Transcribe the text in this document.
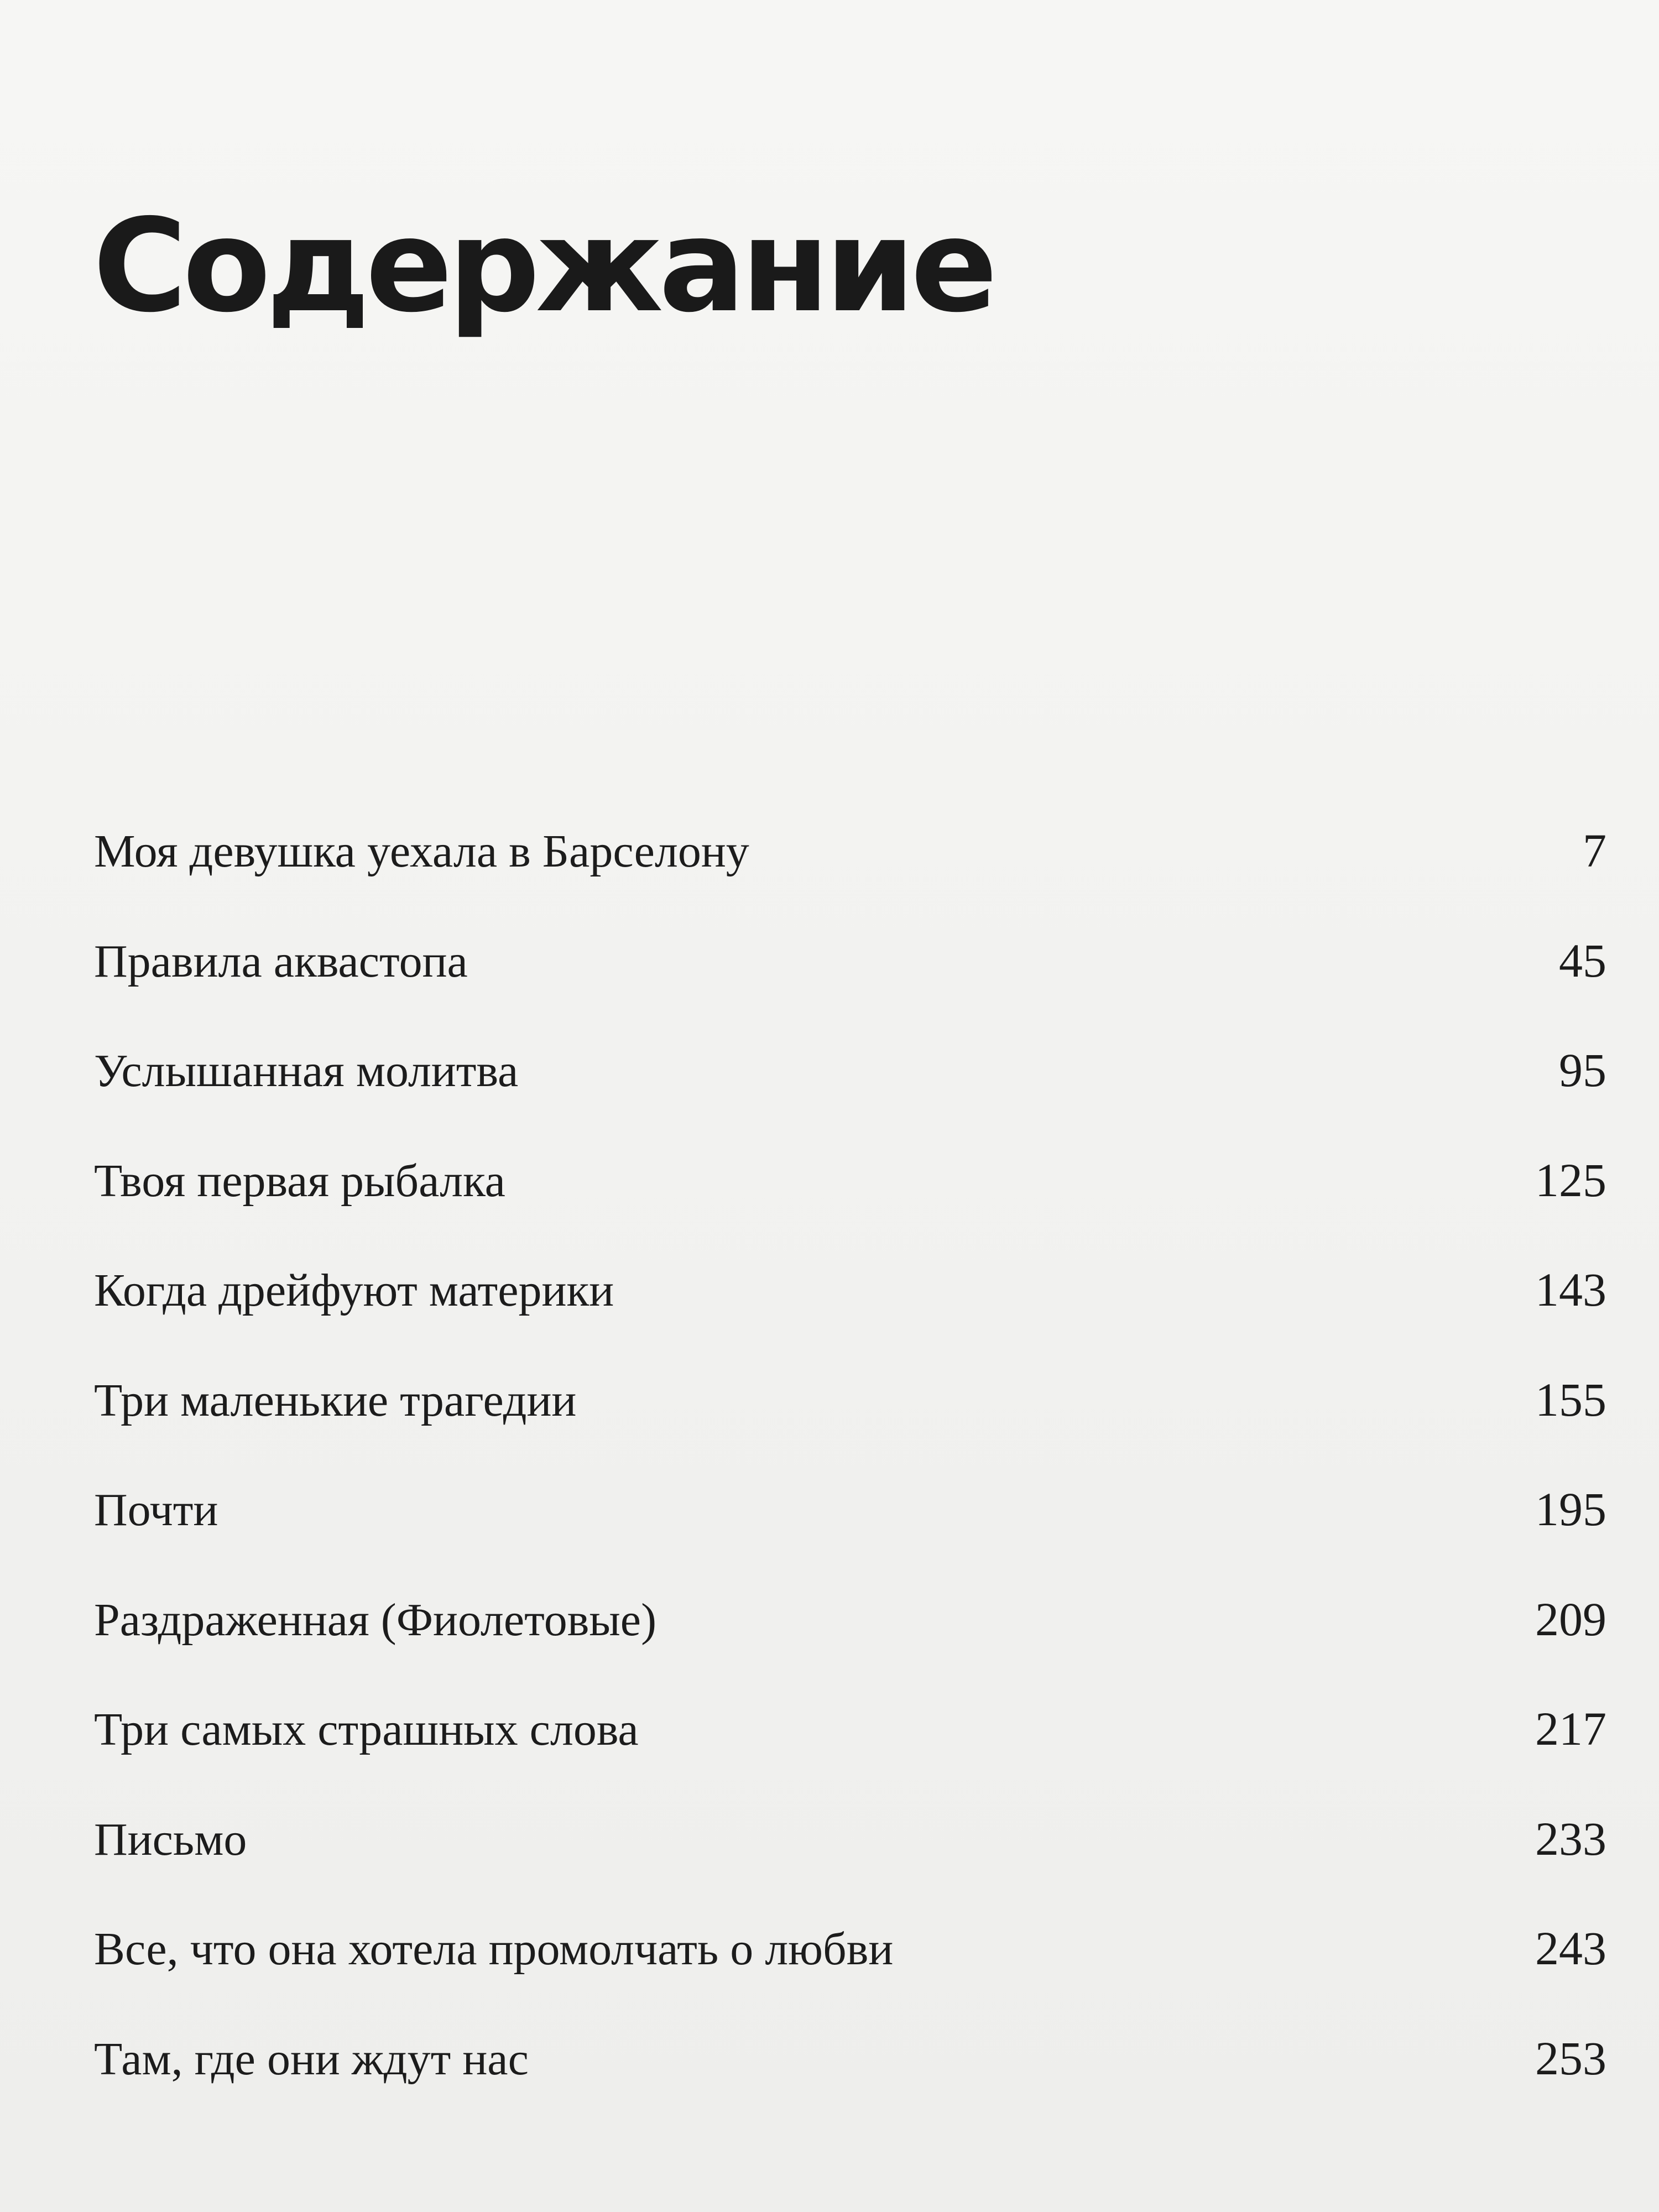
Содержание
Моя девушка уехала в Барселону	7
Правила аквастопа	45
Услышанная молитва	95
Твоя первая рыбалка	125
Когда дрейфуют материки	143
Три маленькие трагедии	155
Почти	195
Раздраженная (Фиолетовые)	209
Три самых страшных слова	217
Письмо	233
Все, что она хотела промолчать о любви	243
Там, где они ждут нас	253
